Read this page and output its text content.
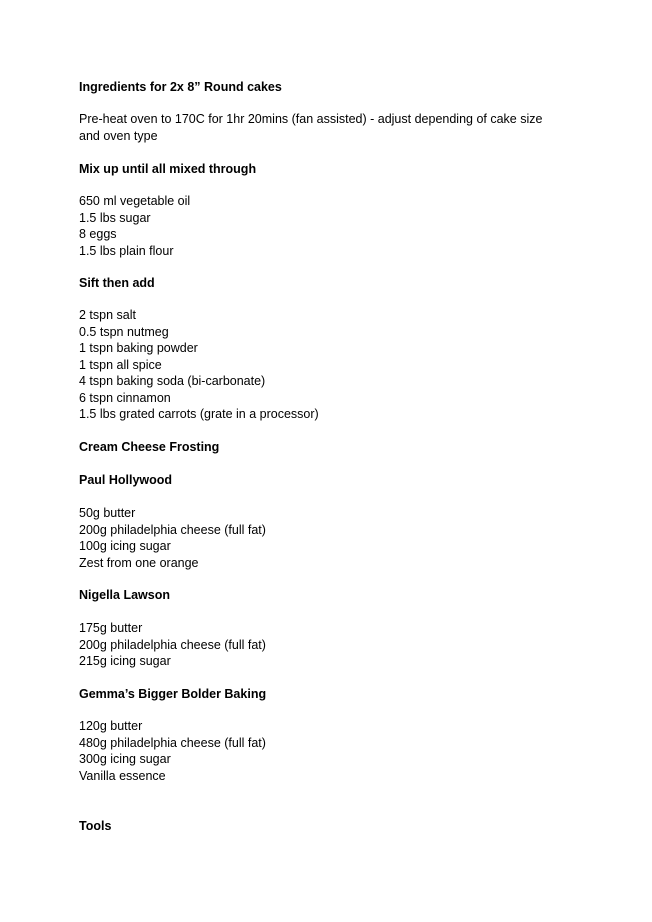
Ingredients for 2x 8” Round cakes
Pre-heat oven to 170C for 1hr 20mins (fan assisted) - adjust depending of cake size and oven type
Mix up until all mixed through
650 ml vegetable oil
1.5 lbs sugar
8 eggs
1.5 lbs plain flour
Sift then add
2 tspn salt
0.5 tspn nutmeg
1 tspn baking powder
1 tspn all spice
4 tspn baking soda (bi-carbonate)
6 tspn cinnamon
1.5 lbs grated carrots (grate in a processor)
Cream Cheese Frosting
Paul Hollywood
50g butter
200g philadelphia cheese (full fat)
100g icing sugar
Zest from one orange
Nigella Lawson
175g butter
200g philadelphia cheese (full fat)
215g icing sugar
Gemma’s Bigger Bolder Baking
120g butter
480g philadelphia cheese (full fat)
300g icing sugar
Vanilla essence
Tools
